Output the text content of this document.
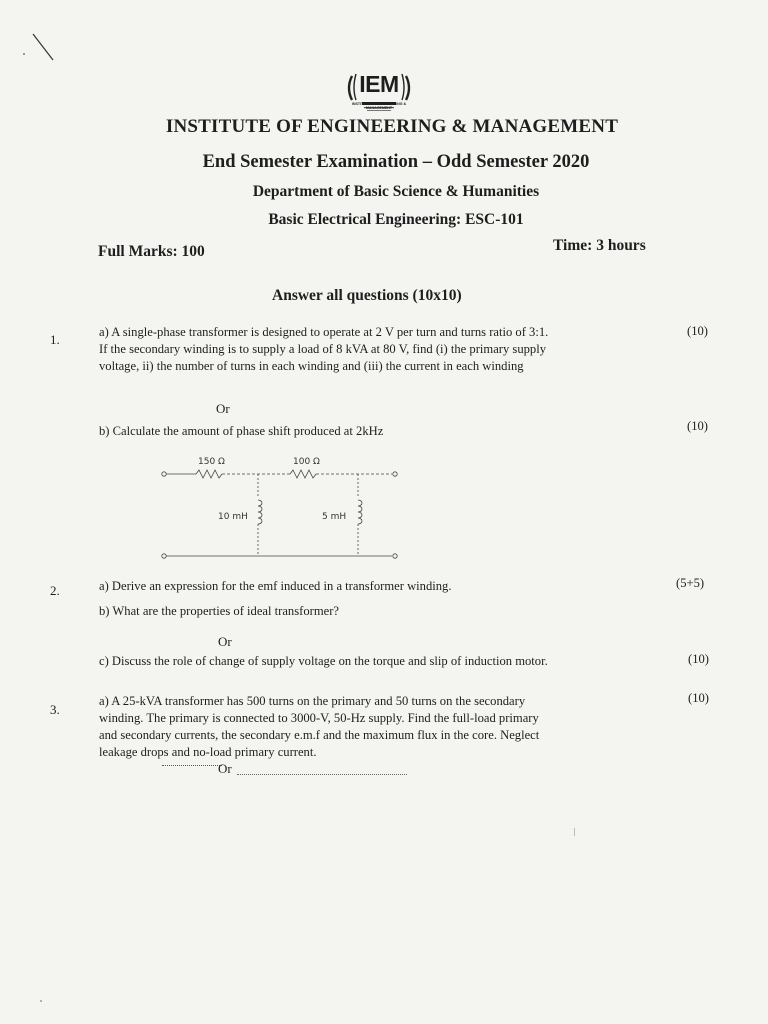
IEM
INSTITUTE OF ENGINEERING & MANAGEMENT
INSTITUTE OF ENGINEERING & MANAGEMENT
End Semester Examination – Odd Semester 2020
Department of Basic Science & Humanities
Basic Electrical Engineering: ESC-101
Full Marks: 100	Time: 3 hours
Answer all questions (10x10)
1.	a) A single-phase transformer is designed to operate at 2 V per turn and turns ratio of 3:1.
If the secondary winding is to supply a load of 8 kVA at 80 V, find (i) the primary supply
voltage, ii) the number of turns in each winding and (iii) the current in each winding
(10)
Or
b) Calculate the amount of phase shift produced at 2kHz	(10)
150 Ω	100 Ω
10 mH	5 mH
2.	a) Derive an expression for the emf induced in a transformer winding.	(5+5)
b) What are the properties of ideal transformer?
Or
c) Discuss the role of change of supply voltage on the torque and slip of induction motor.	(10)
3.
a) A 25-kVA transformer has 500 turns on the primary and 50 turns on the secondary
winding. The primary is connected to 3000-V, 50-Hz supply. Find the full-load primary
and secondary currents, the secondary e.m.f and the maximum flux in the core. Neglect
leakage drops and no-load primary current.
(10)
Or
